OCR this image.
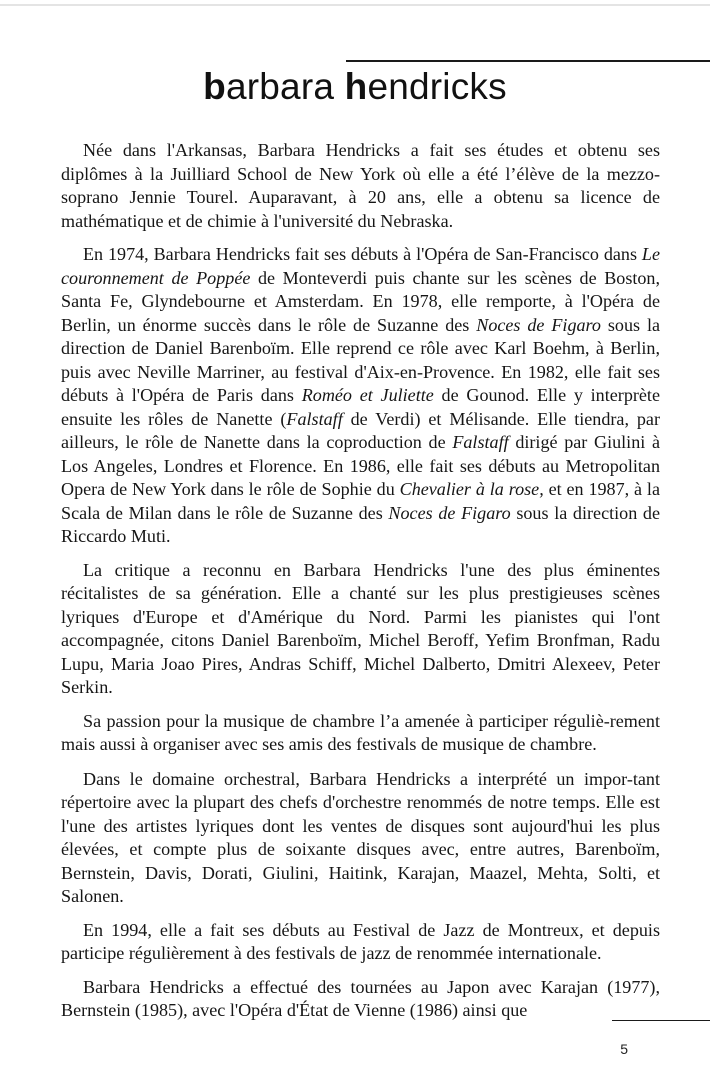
barbara hendricks

Née dans l'Arkansas, Barbara Hendricks a fait ses études et obtenu ses diplômes à la Juilliard School de New York où elle a été l’élève de la mezzo-soprano Jennie Tourel. Auparavant, à 20 ans, elle a obtenu sa licence de mathématique et de chimie à l'université du Nebraska.

En 1974, Barbara Hendricks fait ses débuts à l'Opéra de San-Francisco dans Le couronnement de Poppée de Monteverdi puis chante sur les scènes de Boston, Santa Fe, Glyndebourne et Amsterdam. En 1978, elle remporte, à l'Opéra de Berlin, un énorme succès dans le rôle de Suzanne des Noces de Figaro sous la direction de Daniel Barenboïm. Elle reprend ce rôle avec Karl Boehm, à Berlin, puis avec Neville Marriner, au festival d'Aix-en-Provence. En 1982, elle fait ses débuts à l'Opéra de Paris dans Roméo et Juliette de Gounod. Elle y interprète ensuite les rôles de Nanette (Falstaff de Verdi) et Mélisande. Elle tiendra, par ailleurs, le rôle de Nanette dans la coproduction de Falstaff dirigé par Giulini à Los Angeles, Londres et Florence. En 1986, elle fait ses débuts au Metropolitan Opera de New York dans le rôle de Sophie du Chevalier à la rose, et en 1987, à la Scala de Milan dans le rôle de Suzanne des Noces de Figaro sous la direction de Riccardo Muti.

La critique a reconnu en Barbara Hendricks l'une des plus éminentes récitalistes de sa génération. Elle a chanté sur les plus prestigieuses scènes lyriques d'Europe et d'Amérique du Nord. Parmi les pianistes qui l'ont accompagnée, citons Daniel Barenboïm, Michel Beroff, Yefim Bronfman, Radu Lupu, Maria Joao Pires, Andras Schiff, Michel Dalberto, Dmitri Alexeev, Peter Serkin.

Sa passion pour la musique de chambre l’a amenée à participer réguliè-rement mais aussi à organiser avec ses amis des festivals de musique de chambre.

Dans le domaine orchestral, Barbara Hendricks a interprété un impor-tant répertoire avec la plupart des chefs d'orchestre renommés de notre temps. Elle est l'une des artistes lyriques dont les ventes de disques sont aujourd'hui les plus élevées, et compte plus de soixante disques avec, entre autres, Barenboïm, Bernstein, Davis, Dorati, Giulini, Haitink, Karajan, Maazel, Mehta, Solti, et Salonen.

En 1994, elle a fait ses débuts au Festival de Jazz de Montreux, et depuis participe régulièrement à des festivals de jazz de renommée internationale.

Barbara Hendricks a effectué des tournées au Japon avec Karajan (1977), Bernstein (1985), avec l'Opéra d'État de Vienne (1986) ainsi que

5
